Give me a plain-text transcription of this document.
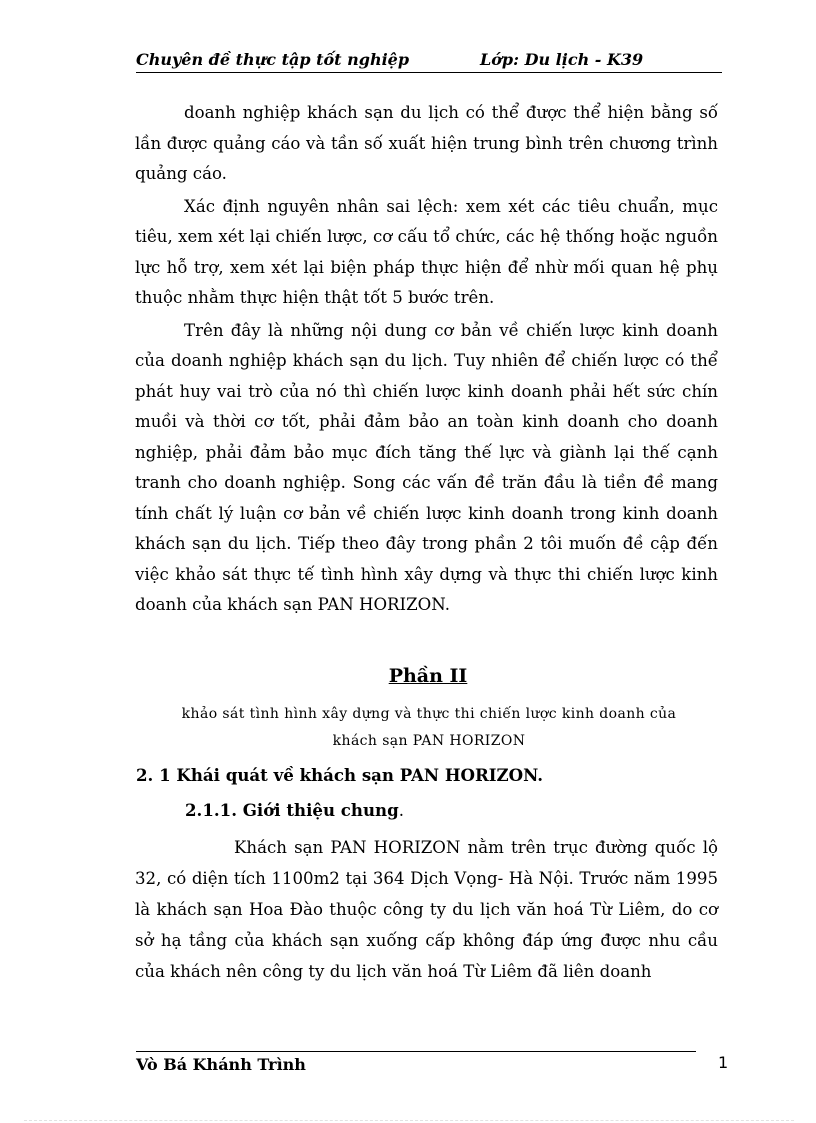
Chuyên đề thực tập tốt nghiệp	Lớp: Du lịch - K39

doanh nghiệp khách sạn du lịch có thể được thể hiện bằng số lần được quảng cáo và tần số xuất hiện trung bình trên chương trình quảng cáo.

Xác định nguyên nhân sai lệch: xem xét các tiêu chuẩn, mục tiêu, xem xét lại chiến lược, cơ cấu tổ chức, các hệ thống hoặc nguồn lực hỗ trợ, xem xét lại biện pháp thực hiện để nhừ mối quan hệ phụ thuộc nhằm thực hiện thật tốt 5 bước trên.

Trên đây là những nội dung cơ bản về chiến lược kinh doanh của doanh nghiệp khách sạn du lịch. Tuy nhiên để chiến lược có thể phát huy vai trò của nó thì chiến lược kinh doanh phải hết sức chín muồi và thời cơ tốt, phải đảm bảo an toàn kinh doanh cho doanh nghiệp, phải đảm bảo mục đích tăng thế lực và giành lại thế cạnh tranh cho doanh nghiệp. Song các vấn đề trăn đầu là tiền đề mang tính chất lý luận cơ bản về chiến lược kinh doanh trong kinh doanh khách sạn du lịch. Tiếp theo đây trong phần 2 tôi muốn đề cập đến việc khảo sát thực tế tình hình xây dựng và thực thi chiến lược kinh doanh của khách sạn PAN HORIZON.

Phần II
khảo sát tình hình xây dựng và thực thi chiến lược kinh doanh của
khách sạn PAN HORIZON
2. 1 Khái quát về khách sạn PAN HORIZON.
2.1.1. Giới thiệu chung.

Khách sạn PAN HORIZON nằm trên trục đường quốc lộ 32, có diện tích 1100m2 tại 364 Dịch Vọng- Hà Nội. Trước năm 1995 là khách sạn Hoa Đào thuộc công ty du lịch văn hoá Từ Liêm, do cơ sở hạ tầng của khách sạn xuống cấp không đáp ứng được nhu cầu của khách nên công ty du lịch văn hoá Từ Liêm đã liên doanh

Vò Bá Khánh Trình	1
